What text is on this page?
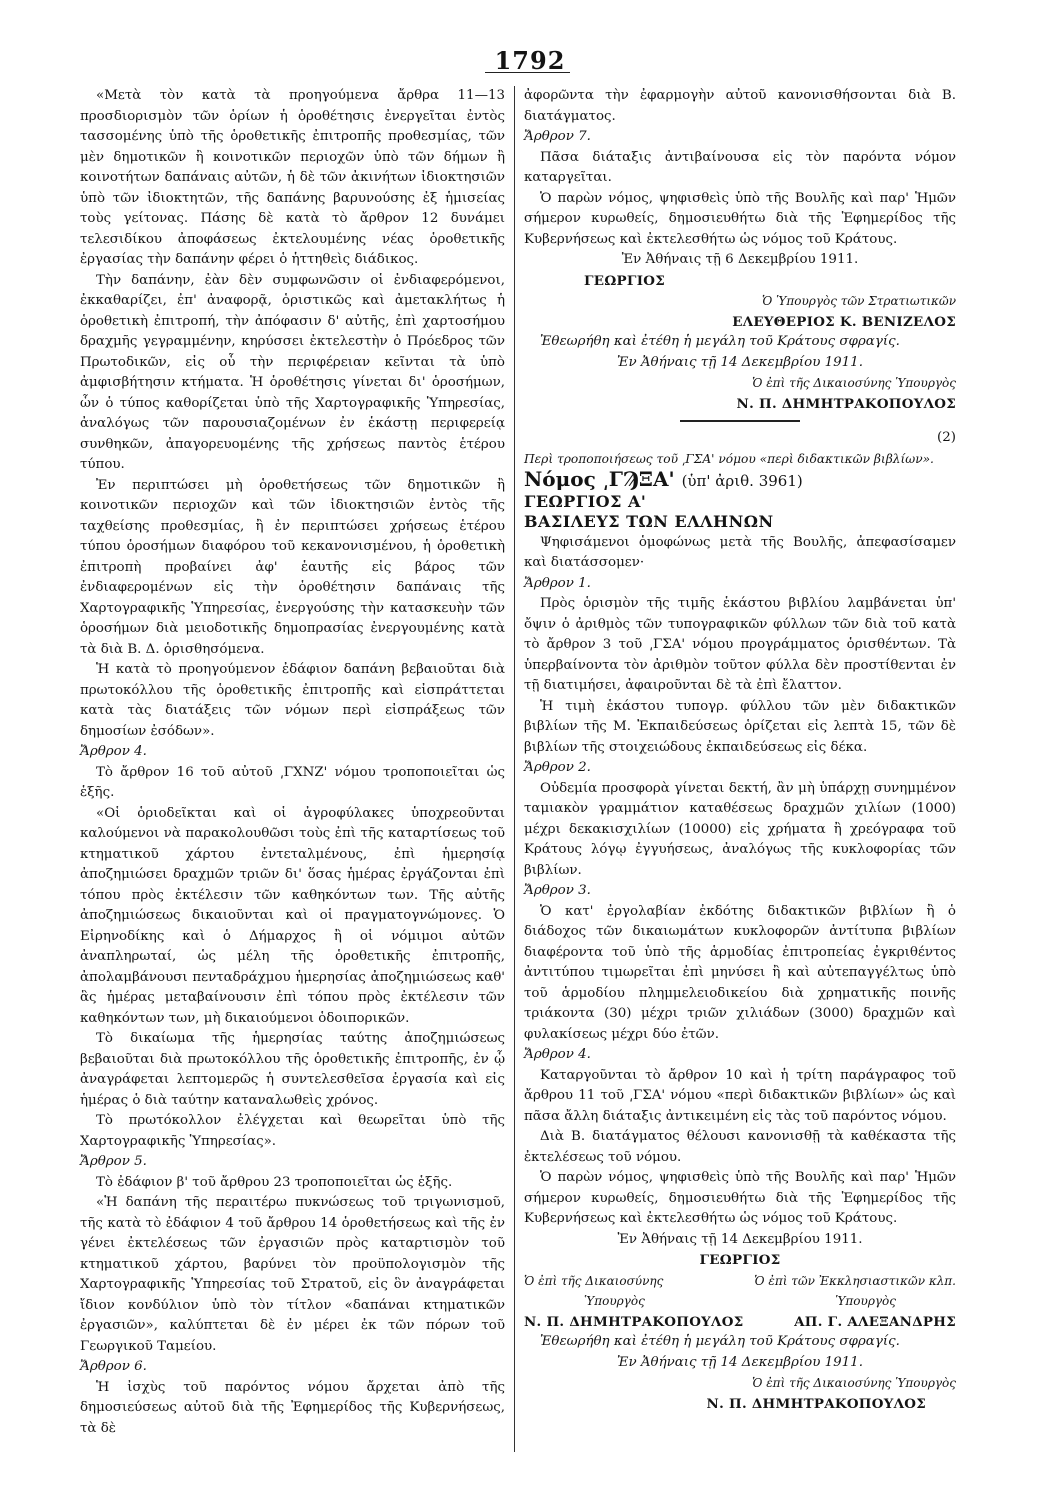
1792

«Μετὰ τὸν κατὰ τὰ προηγούμενα ἄρθρα 11—13 προσδιορισμὸν τῶν ὁρίων ἡ ὁροθέτησις ἐνεργεῖται ἐντὸς τασσομένης ὑπὸ τῆς ὁροθετικῆς ἐπιτροπῆς προθεσμίας, τῶν μὲν δημοτικῶν ἢ κοινοτικῶν περιοχῶν ὑπὸ τῶν δήμων ἢ κοινοτήτων δαπάναις αὐτῶν, ἡ δὲ τῶν ἀκινήτων ἰδιοκτησιῶν ὑπὸ τῶν ἰδιοκτητῶν, τῆς δαπάνης βαρυνούσης ἐξ ἡμισείας τοὺς γείτονας. Πάσης δὲ κατὰ τὸ ἄρθρον 12 δυνάμει τελεσιδίκου ἀποφάσεως ἐκτελουμένης νέας ὁροθετικῆς ἐργασίας τὴν δαπάνην φέρει ὁ ἡττηθεὶς διάδικος.

Τὴν δαπάνην, ἐὰν δὲν συμφωνῶσιν οἱ ἐνδιαφερόμενοι, ἐκκαθαρίζει, ἐπ' ἀναφορᾷ, ὁριστικῶς καὶ ἀμετακλήτως ἡ ὁροθετικὴ ἐπιτροπή, τὴν ἀπόφασιν δ' αὐτῆς, ἐπὶ χαρτοσήμου δραχμῆς γεγραμμένην, κηρύσσει ἐκτελεστὴν ὁ Πρόεδρος τῶν Πρωτοδικῶν, εἰς οὗ τὴν περιφέρειαν κεῖνται τὰ ὑπὸ ἀμφισβήτησιν κτήματα. Ἡ ὁροθέτησις γίνεται δι' ὁροσήμων, ὧν ὁ τύπος καθορίζεται ὑπὸ τῆς Χαρτογραφικῆς Ὑπηρεσίας, ἀναλόγως τῶν παρουσιαζομένων ἐν ἑκάστῃ περιφερείᾳ συνθηκῶν, ἀπαγορευομένης τῆς χρήσεως παντὸς ἑτέρου τύπου.

Ἐν περιπτώσει μὴ ὁροθετήσεως τῶν δημοτικῶν ἢ κοινοτικῶν περιοχῶν καὶ τῶν ἰδιοκτησιῶν ἐντὸς τῆς ταχθείσης προθεσμίας, ἢ ἐν περιπτώσει χρήσεως ἑτέρου τύπου ὁροσήμων διαφόρου τοῦ κεκανονισμένου, ἡ ὁροθετικὴ ἐπιτροπὴ προβαίνει ἀφ' ἑαυτῆς εἰς βάρος τῶν ἐνδιαφερομένων εἰς τὴν ὁροθέτησιν δαπάναις τῆς Χαρτογραφικῆς Ὑπηρεσίας, ἐνεργούσης τὴν κατασκευὴν τῶν ὁροσήμων διὰ μειοδοτικῆς δημοπρασίας ἐνεργουμένης κατὰ τὰ διὰ Β. Δ. ὁρισθησόμενα.

Ἡ κατὰ τὸ προηγούμενον ἐδάφιον δαπάνη βεβαιοῦται διὰ πρωτοκόλλου τῆς ὁροθετικῆς ἐπιτροπῆς καὶ εἰσπράττεται κατὰ τὰς διατάξεις τῶν νόμων περὶ εἰσπράξεως τῶν δημοσίων ἐσόδων».

Ἄρθρον 4.

Τὸ ἄρθρον 16 τοῦ αὐτοῦ ͵ΓΧΝΖ' νόμου τροποποιεῖται ὡς ἑξῆς.

«Οἱ ὁριοδεῖκται καὶ οἱ ἀγροφύλακες ὑποχρεοῦνται καλούμενοι νὰ παρακολουθῶσι τοὺς ἐπὶ τῆς καταρτίσεως τοῦ κτηματικοῦ χάρτου ἐντεταλμένους, ἐπὶ ἡμερησίᾳ ἀποζημιώσει δραχμῶν τριῶν δι' ὅσας ἡμέρας ἐργάζονται ἐπὶ τόπου πρὸς ἐκτέλεσιν τῶν καθηκόντων των. Τῆς αὐτῆς ἀποζημιώσεως δικαιοῦνται καὶ οἱ πραγματογνώμονες. Ὁ Εἰρηνοδίκης καὶ ὁ Δήμαρχος ἢ οἱ νόμιμοι αὐτῶν ἀναπληρωταί, ὡς μέλη τῆς ὁροθετικῆς ἐπιτροπῆς, ἀπολαμβάνουσι πενταδράχμου ἡμερησίας ἀποζημιώσεως καθ' ἃς ἡμέρας μεταβαίνουσιν ἐπὶ τόπου πρὸς ἐκτέλεσιν τῶν καθηκόντων των, μὴ δικαιούμενοι ὁδοιπορικῶν.

Τὸ δικαίωμα τῆς ἡμερησίας ταύτης ἀποζημιώσεως βεβαιοῦται διὰ πρωτοκόλλου τῆς ὁροθετικῆς ἐπιτροπῆς, ἐν ᾧ ἀναγράφεται λεπτομερῶς ἡ συντελεσθεῖσα ἐργασία καὶ εἰς ἡμέρας ὁ διὰ ταύτην καταναλωθεὶς χρόνος.

Τὸ πρωτόκολλον ἐλέγχεται καὶ θεωρεῖται ὑπὸ τῆς Χαρτογραφικῆς Ὑπηρεσίας».

Ἄρθρον 5.

Τὸ ἐδάφιον β' τοῦ ἄρθρου 23 τροποποιεῖται ὡς ἑξῆς.

«Ἡ δαπάνη τῆς περαιτέρω πυκνώσεως τοῦ τριγωνισμοῦ, τῆς κατὰ τὸ ἐδάφιον 4 τοῦ ἄρθρου 14 ὁροθετήσεως καὶ τῆς ἐν γένει ἐκτελέσεως τῶν ἐργασιῶν πρὸς καταρτισμὸν τοῦ κτηματικοῦ χάρτου, βαρύνει τὸν προϋπολογισμὸν τῆς Χαρτογραφικῆς Ὑπηρεσίας τοῦ Στρατοῦ, εἰς ὃν ἀναγράφεται ἴδιον κονδύλιον ὑπὸ τὸν τίτλον «δαπάναι κτηματικῶν ἐργασιῶν», καλύπτεται δὲ ἐν μέρει ἐκ τῶν πόρων τοῦ Γεωργικοῦ Ταμείου.

Ἄρθρον 6.

Ἡ ἰσχὺς τοῦ παρόντος νόμου ἄρχεται ἀπὸ τῆς δημοσιεύσεως αὐτοῦ διὰ τῆς Ἐφημερίδος τῆς Κυβερνήσεως, τὰ δὲ

ἀφορῶντα τὴν ἐφαρμογὴν αὐτοῦ κανονισθήσονται διὰ Β. διατάγματος.

Ἄρθρον 7.

Πᾶσα διάταξις ἀντιβαίνουσα εἰς τὸν παρόντα νόμον καταργεῖται.

Ὁ παρὼν νόμος, ψηφισθεὶς ὑπὸ τῆς Βουλῆς καὶ παρ' Ἡμῶν σήμερον κυρωθείς, δημοσιευθήτω διὰ τῆς Ἐφημερίδος τῆς Κυβερνήσεως καὶ ἐκτελεσθήτω ὡς νόμος τοῦ Κράτους.

Ἐν Ἀθήναις τῇ 6 Δεκεμβρίου 1911.

ΓΕΩΡΓΙΟΣ

Ὁ Ὑπουργὸς τῶν Στρατιωτικῶν

ΕΛΕΥΘΕΡΙΟΣ Κ. ΒΕΝΙΖΕΛΟΣ

Ἐθεωρήθη καὶ ἐτέθη ἡ μεγάλη τοῦ Κράτους σφραγίς.

Ἐν Ἀθήναις τῇ 14 Δεκεμβρίου 1911.

Ὁ ἐπὶ τῆς Δικαιοσύνης Ὑπουργὸς

Ν. Π. ΔΗΜΗΤΡΑΚΟΠΟΥΛΟΣ

(2)

Περὶ τροποποιήσεως τοῦ ͵ΓΣΑ' νόμου «περὶ διδακτικῶν βιβλίων».

Νόμος ͵ΓϠΞΑ' (ὑπ' ἀριθ. 3961)

ΓΕΩΡΓΙΟΣ Α'

ΒΑΣΙΛΕΥΣ ΤΩΝ ΕΛΛΗΝΩΝ

Ψηφισάμενοι ὁμοφώνως μετὰ τῆς Βουλῆς, ἀπεφασίσαμεν καὶ διατάσσομεν·

Ἄρθρον 1.

Πρὸς ὁρισμὸν τῆς τιμῆς ἑκάστου βιβλίου λαμβάνεται ὑπ' ὄψιν ὁ ἀριθμὸς τῶν τυπογραφικῶν φύλλων τῶν διὰ τοῦ κατὰ τὸ ἄρθρον 3 τοῦ ͵ΓΣΑ' νόμου προγράμματος ὁρισθέντων. Τὰ ὑπερβαίνοντα τὸν ἀριθμὸν τοῦτον φύλλα δὲν προστίθενται ἐν τῇ διατιμήσει, ἀφαιροῦνται δὲ τὰ ἐπὶ ἔλαττον.

Ἡ τιμὴ ἑκάστου τυπογρ. φύλλου τῶν μὲν διδακτικῶν βιβλίων τῆς Μ. Ἐκπαιδεύσεως ὁρίζεται εἰς λεπτὰ 15, τῶν δὲ βιβλίων τῆς στοιχειώδους ἐκπαιδεύσεως εἰς δέκα.

Ἄρθρον 2.

Οὐδεμία προσφορὰ γίνεται δεκτή, ἂν μὴ ὑπάρχῃ συνημμένον ταμιακὸν γραμμάτιον καταθέσεως δραχμῶν χιλίων (1000) μέχρι δεκακισχιλίων (10000) εἰς χρήματα ἢ χρεόγραφα τοῦ Κράτους λόγῳ ἐγγυήσεως, ἀναλόγως τῆς κυκλοφορίας τῶν βιβλίων.

Ἄρθρον 3.

Ὁ κατ' ἐργολαβίαν ἐκδότης διδακτικῶν βιβλίων ἢ ὁ διάδοχος τῶν δικαιωμάτων κυκλοφορῶν ἀντίτυπα βιβλίων διαφέροντα τοῦ ὑπὸ τῆς ἁρμοδίας ἐπιτροπείας ἐγκριθέντος ἀντιτύπου τιμωρεῖται ἐπὶ μηνύσει ἢ καὶ αὐτεπαγγέλτως ὑπὸ τοῦ ἁρμοδίου πλημμελειοδικείου διὰ χρηματικῆς ποινῆς τριάκοντα (30) μέχρι τριῶν χιλιάδων (3000) δραχμῶν καὶ φυλακίσεως μέχρι δύο ἐτῶν.

Ἄρθρον 4.

Καταργοῦνται τὸ ἄρθρον 10 καὶ ἡ τρίτη παράγραφος τοῦ ἄρθρου 11 τοῦ ͵ΓΣΑ' νόμου «περὶ διδακτικῶν βιβλίων» ὡς καὶ πᾶσα ἄλλη διάταξις ἀντικειμένη εἰς τὰς τοῦ παρόντος νόμου.

Διὰ Β. διατάγματος θέλουσι κανονισθῇ τὰ καθέκαστα τῆς ἐκτελέσεως τοῦ νόμου.

Ὁ παρὼν νόμος, ψηφισθεὶς ὑπὸ τῆς Βουλῆς καὶ παρ' Ἡμῶν σήμερον κυρωθείς, δημοσιευθήτω διὰ τῆς Ἐφημερίδος τῆς Κυβερνήσεως καὶ ἐκτελεσθήτω ὡς νόμος τοῦ Κράτους.

Ἐν Ἀθήναις τῇ 14 Δεκεμβρίου 1911.

ΓΕΩΡΓΙΟΣ

Ὁ ἐπὶ τῆς Δικαιοσύνης	Ὁ ἐπὶ τῶν Ἐκκλησιαστικῶν κλπ.
Ὑπουργὸς	Ὑπουργὸς
Ν. Π. ΔΗΜΗΤΡΑΚΟΠΟΥΛΟΣ	ΑΠ. Γ. ΑΛΕΞΑΝΔΡΗΣ

Ἐθεωρήθη καὶ ἐτέθη ἡ μεγάλη τοῦ Κράτους σφραγίς.

Ἐν Ἀθήναις τῇ 14 Δεκεμβρίου 1911.

Ὁ ἐπὶ τῆς Δικαιοσύνης Ὑπουργὸς

Ν. Π. ΔΗΜΗΤΡΑΚΟΠΟΥΛΟΣ
